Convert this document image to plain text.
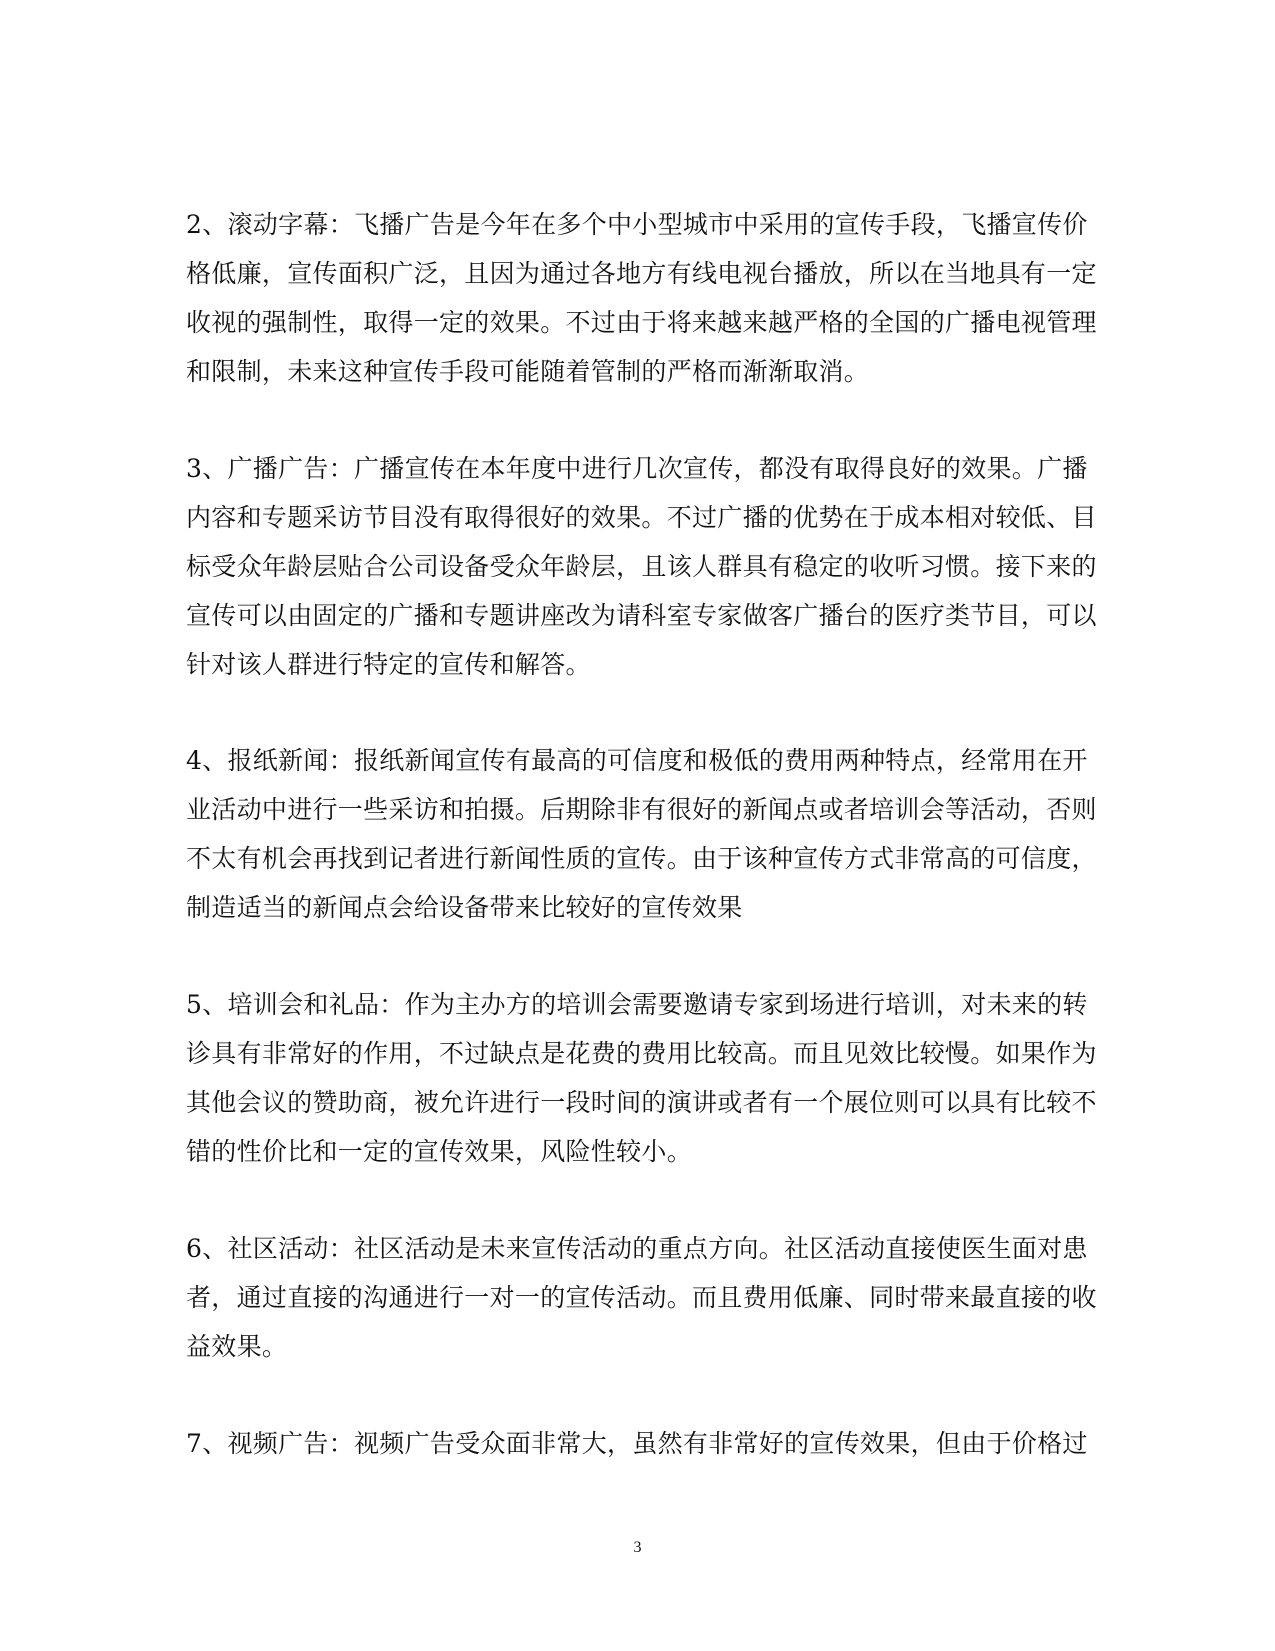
2、滚动字幕：飞播广告是今年在多个中小型城市中采用的宣传手段，飞播宣传价
格低廉，宣传面积广泛，且因为通过各地方有线电视台播放，所以在当地具有一定
收视的强制性，取得一定的效果。不过由于将来越来越严格的全国的广播电视管理
和限制，未来这种宣传手段可能随着管制的严格而渐渐取消。

3、广播广告：广播宣传在本年度中进行几次宣传，都没有取得良好的效果。广播
内容和专题采访节目没有取得很好的效果。不过广播的优势在于成本相对较低、目
标受众年龄层贴合公司设备受众年龄层，且该人群具有稳定的收听习惯。接下来的
宣传可以由固定的广播和专题讲座改为请科室专家做客广播台的医疗类节目，可以
针对该人群进行特定的宣传和解答。

4、报纸新闻：报纸新闻宣传有最高的可信度和极低的费用两种特点，经常用在开
业活动中进行一些采访和拍摄。后期除非有很好的新闻点或者培训会等活动，否则
不太有机会再找到记者进行新闻性质的宣传。由于该种宣传方式非常高的可信度，
制造适当的新闻点会给设备带来比较好的宣传效果

5、培训会和礼品：作为主办方的培训会需要邀请专家到场进行培训，对未来的转
诊具有非常好的作用，不过缺点是花费的费用比较高。而且见效比较慢。如果作为
其他会议的赞助商，被允许进行一段时间的演讲或者有一个展位则可以具有比较不
错的性价比和一定的宣传效果，风险性较小。

6、社区活动：社区活动是未来宣传活动的重点方向。社区活动直接使医生面对患
者，通过直接的沟通进行一对一的宣传活动。而且费用低廉、同时带来最直接的收
益效果。

7、视频广告：视频广告受众面非常大，虽然有非常好的宣传效果，但由于价格过

3
